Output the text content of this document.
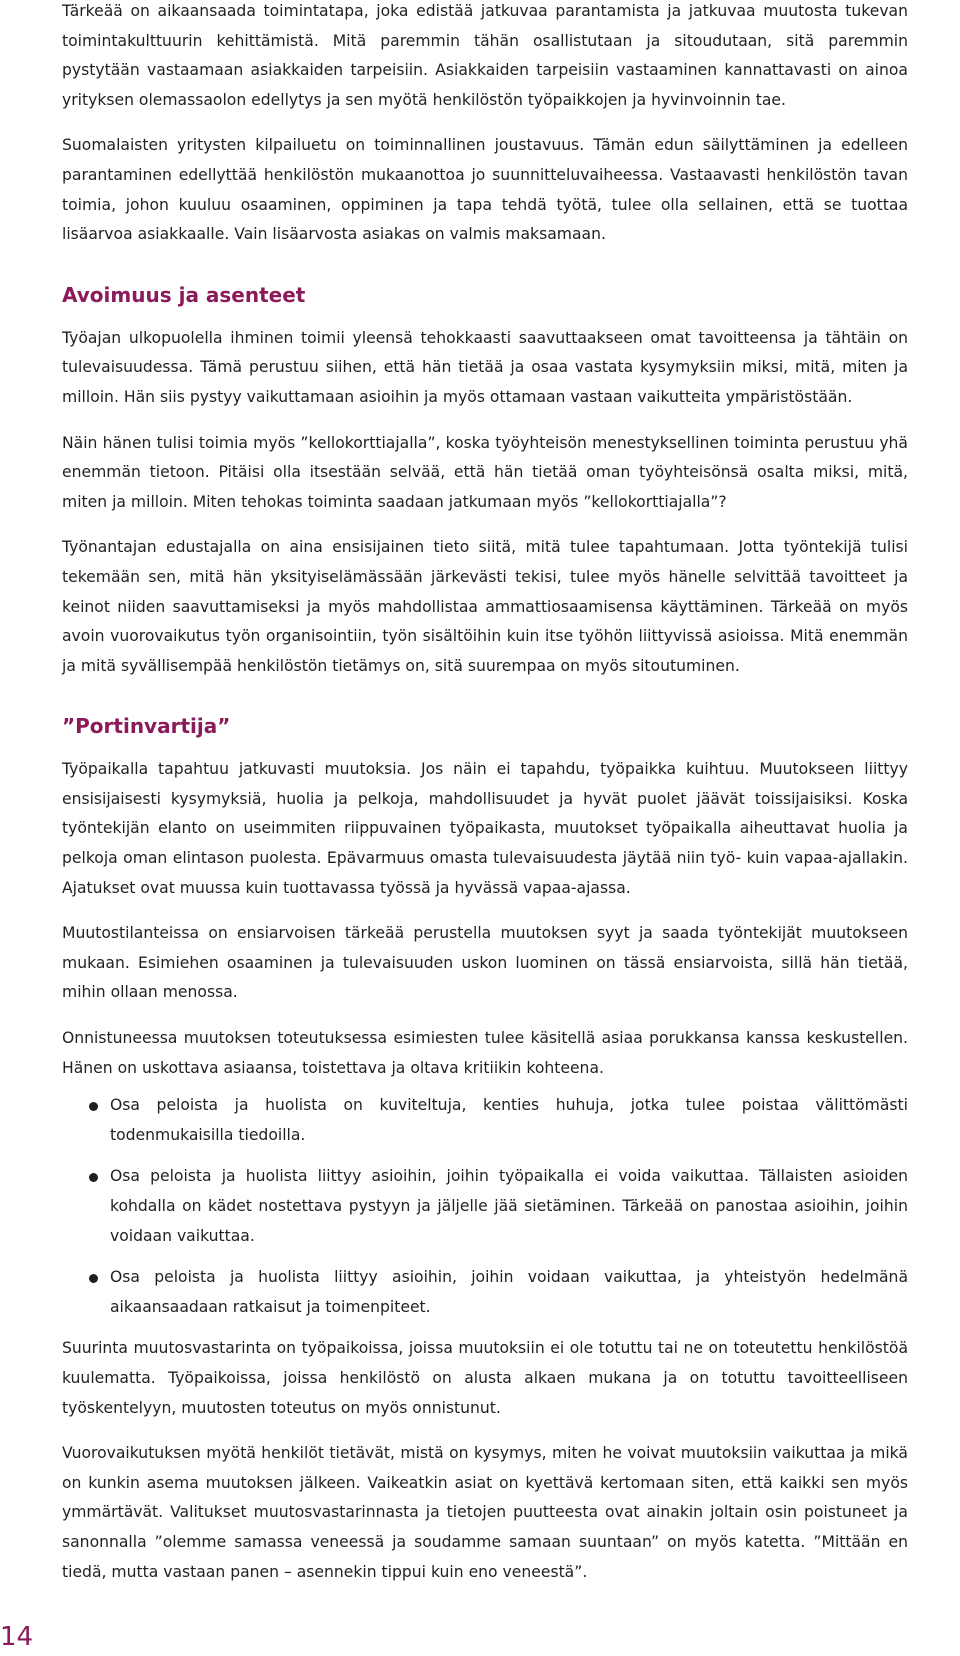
Tärkeää on aikaansaada toimintatapa, joka edistää jatkuvaa parantamista ja jatkuvaa muutosta tukevan toimintakulttuurin kehittämistä. Mitä paremmin tähän osallistutaan ja sitoudutaan, sitä paremmin pystytään vastaamaan asiakkaiden tarpeisiin. Asiakkaiden tarpeisiin vastaaminen kannattavasti on ainoa yrityksen olemassaolon edellytys ja sen myötä henkilöstön työpaikkojen ja hyvinvoinnin tae.

Suomalaisten yritysten kilpailuetu on toiminnallinen joustavuus. Tämän edun säilyttäminen ja edelleen parantaminen edellyttää henkilöstön mukaanottoa jo suunnitteluvaiheessa. Vastaavasti henkilöstön tavan toimia, johon kuuluu osaaminen, oppiminen ja tapa tehdä työtä, tulee olla sellainen, että se tuottaa lisäarvoa asiakkaalle. Vain lisäarvosta asiakas on valmis maksamaan.

Avoimuus ja asenteet

Työajan ulkopuolella ihminen toimii yleensä tehokkaasti saavuttaakseen omat tavoitteensa ja tähtäin on tulevaisuudessa. Tämä perustuu siihen, että hän tietää ja osaa vastata kysymyksiin miksi, mitä, miten ja milloin. Hän siis pystyy vaikuttamaan asioihin ja myös ottamaan vastaan vaikutteita ympäristöstään.

Näin hänen tulisi toimia myös ”kellokorttiajalla”, koska työyhteisön menestyksellinen toiminta perustuu yhä enemmän tietoon. Pitäisi olla itsestään selvää, että hän tietää oman työyhteisönsä osalta miksi, mitä, miten ja milloin. Miten tehokas toiminta saadaan jatkumaan myös ”kellokorttiajalla”?

Työnantajan edustajalla on aina ensisijainen tieto siitä, mitä tulee tapahtumaan. Jotta työntekijä tulisi tekemään sen, mitä hän yksityiselämässään järkevästi tekisi, tulee myös hänelle selvittää tavoitteet ja keinot niiden saavuttamiseksi ja myös mahdollistaa ammattiosaamisensa käyttäminen. Tärkeää on myös avoin vuorovaikutus työn organisointiin, työn sisältöihin kuin itse työhön liittyvissä asioissa. Mitä enemmän ja mitä syvällisempää henkilöstön tietämys on, sitä suurempaa on myös sitoutuminen.

”Portinvartija”

Työpaikalla tapahtuu jatkuvasti muutoksia. Jos näin ei tapahdu, työpaikka kuihtuu. Muutokseen liittyy ensisijaisesti kysymyksiä, huolia ja pelkoja, mahdollisuudet ja hyvät puolet jäävät toissijaisiksi. Koska työntekijän elanto on useimmiten riippuvainen työpaikasta, muutokset työpaikalla aiheuttavat huolia ja pelkoja oman elintason puolesta. Epävarmuus omasta tulevaisuudesta jäytää niin työ- kuin vapaa-ajallakin. Ajatukset ovat muussa kuin tuottavassa työssä ja hyvässä vapaa-ajassa.

Muutostilanteissa on ensiarvoisen tärkeää perustella muutoksen syyt ja saada työntekijät muutokseen mukaan. Esimiehen osaaminen ja tulevaisuuden uskon luominen on tässä ensiarvoista, sillä hän tietää, mihin ollaan menossa.

Onnistuneessa muutoksen toteutuksessa esimiesten tulee käsitellä asiaa porukkansa kanssa keskustellen. Hänen on uskottava asiaansa, toistettava ja oltava kritiikin kohteena.

Osa peloista ja huolista on kuviteltuja, kenties huhuja, jotka tulee poistaa välittömästi todenmukaisilla tiedoilla.
Osa peloista ja huolista liittyy asioihin, joihin työpaikalla ei voida vaikuttaa. Tällaisten asioiden kohdalla on kädet nostettava pystyyn ja jäljelle jää sietäminen. Tärkeää on panostaa asioihin, joihin voidaan vaikuttaa.
Osa peloista ja huolista liittyy asioihin, joihin voidaan vaikuttaa, ja yhteistyön hedelmänä aikaansaadaan ratkaisut ja toimenpiteet.

Suurinta muutosvastarinta on työpaikoissa, joissa muutoksiin ei ole totuttu tai ne on toteutettu henkilöstöä kuulematta. Työpaikoissa, joissa henkilöstö on alusta alkaen mukana ja on totuttu tavoitteelliseen työskentelyyn, muutosten toteutus on myös onnistunut.

Vuorovaikutuksen myötä henkilöt tietävät, mistä on kysymys, miten he voivat muutoksiin vaikuttaa ja mikä on kunkin asema muutoksen jälkeen. Vaikeatkin asiat on kyettävä kertomaan siten, että kaikki sen myös ymmärtävät. Valitukset muutosvastarinnasta ja tietojen puutteesta ovat ainakin joltain osin poistuneet ja sanonnalla ”olemme samassa veneessä ja soudamme samaan suuntaan” on myös katetta. ”Mittään en tiedä, mutta vastaan panen – asennekin tippui kuin eno veneestä”.

14
